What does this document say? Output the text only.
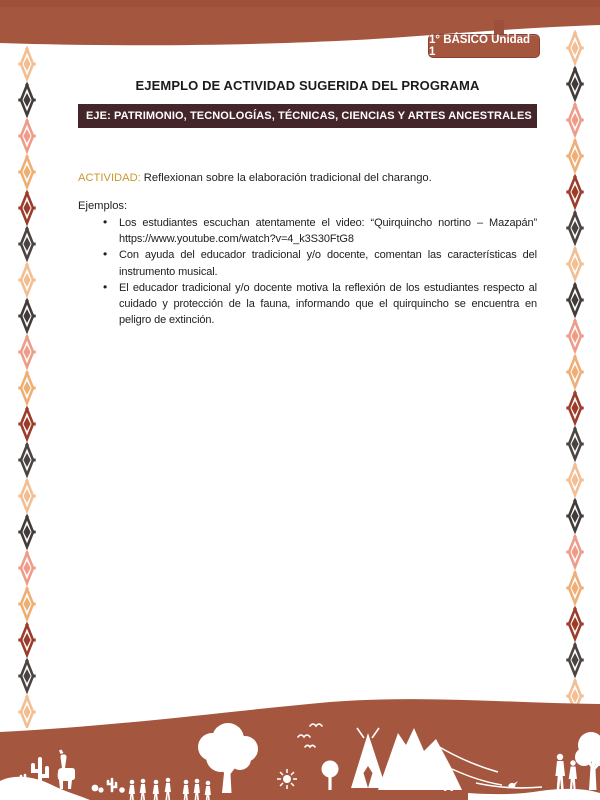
1° BÁSICO Unidad 1
EJEMPLO DE ACTIVIDAD SUGERIDA DEL PROGRAMA
EJE: PATRIMONIO, TECNOLOGÍAS, TÉCNICAS, CIENCIAS Y ARTES ANCESTRALES
ACTIVIDAD: Reflexionan sobre la elaboración tradicional del charango.
Ejemplos:
• Los estudiantes escuchan atentamente el video: “Quirquincho nortino – Mazapán” https://www.youtube.com/watch?v=4_k3S30FtG8
• Con ayuda del educador tradicional y/o docente, comentan las características del instrumento musical.
• El educador tradicional y/o docente motiva la reflexión de los estudiantes respecto al cuidado y protección de la fauna, informando que el quirquincho se encuentra en peligro de extinción.
